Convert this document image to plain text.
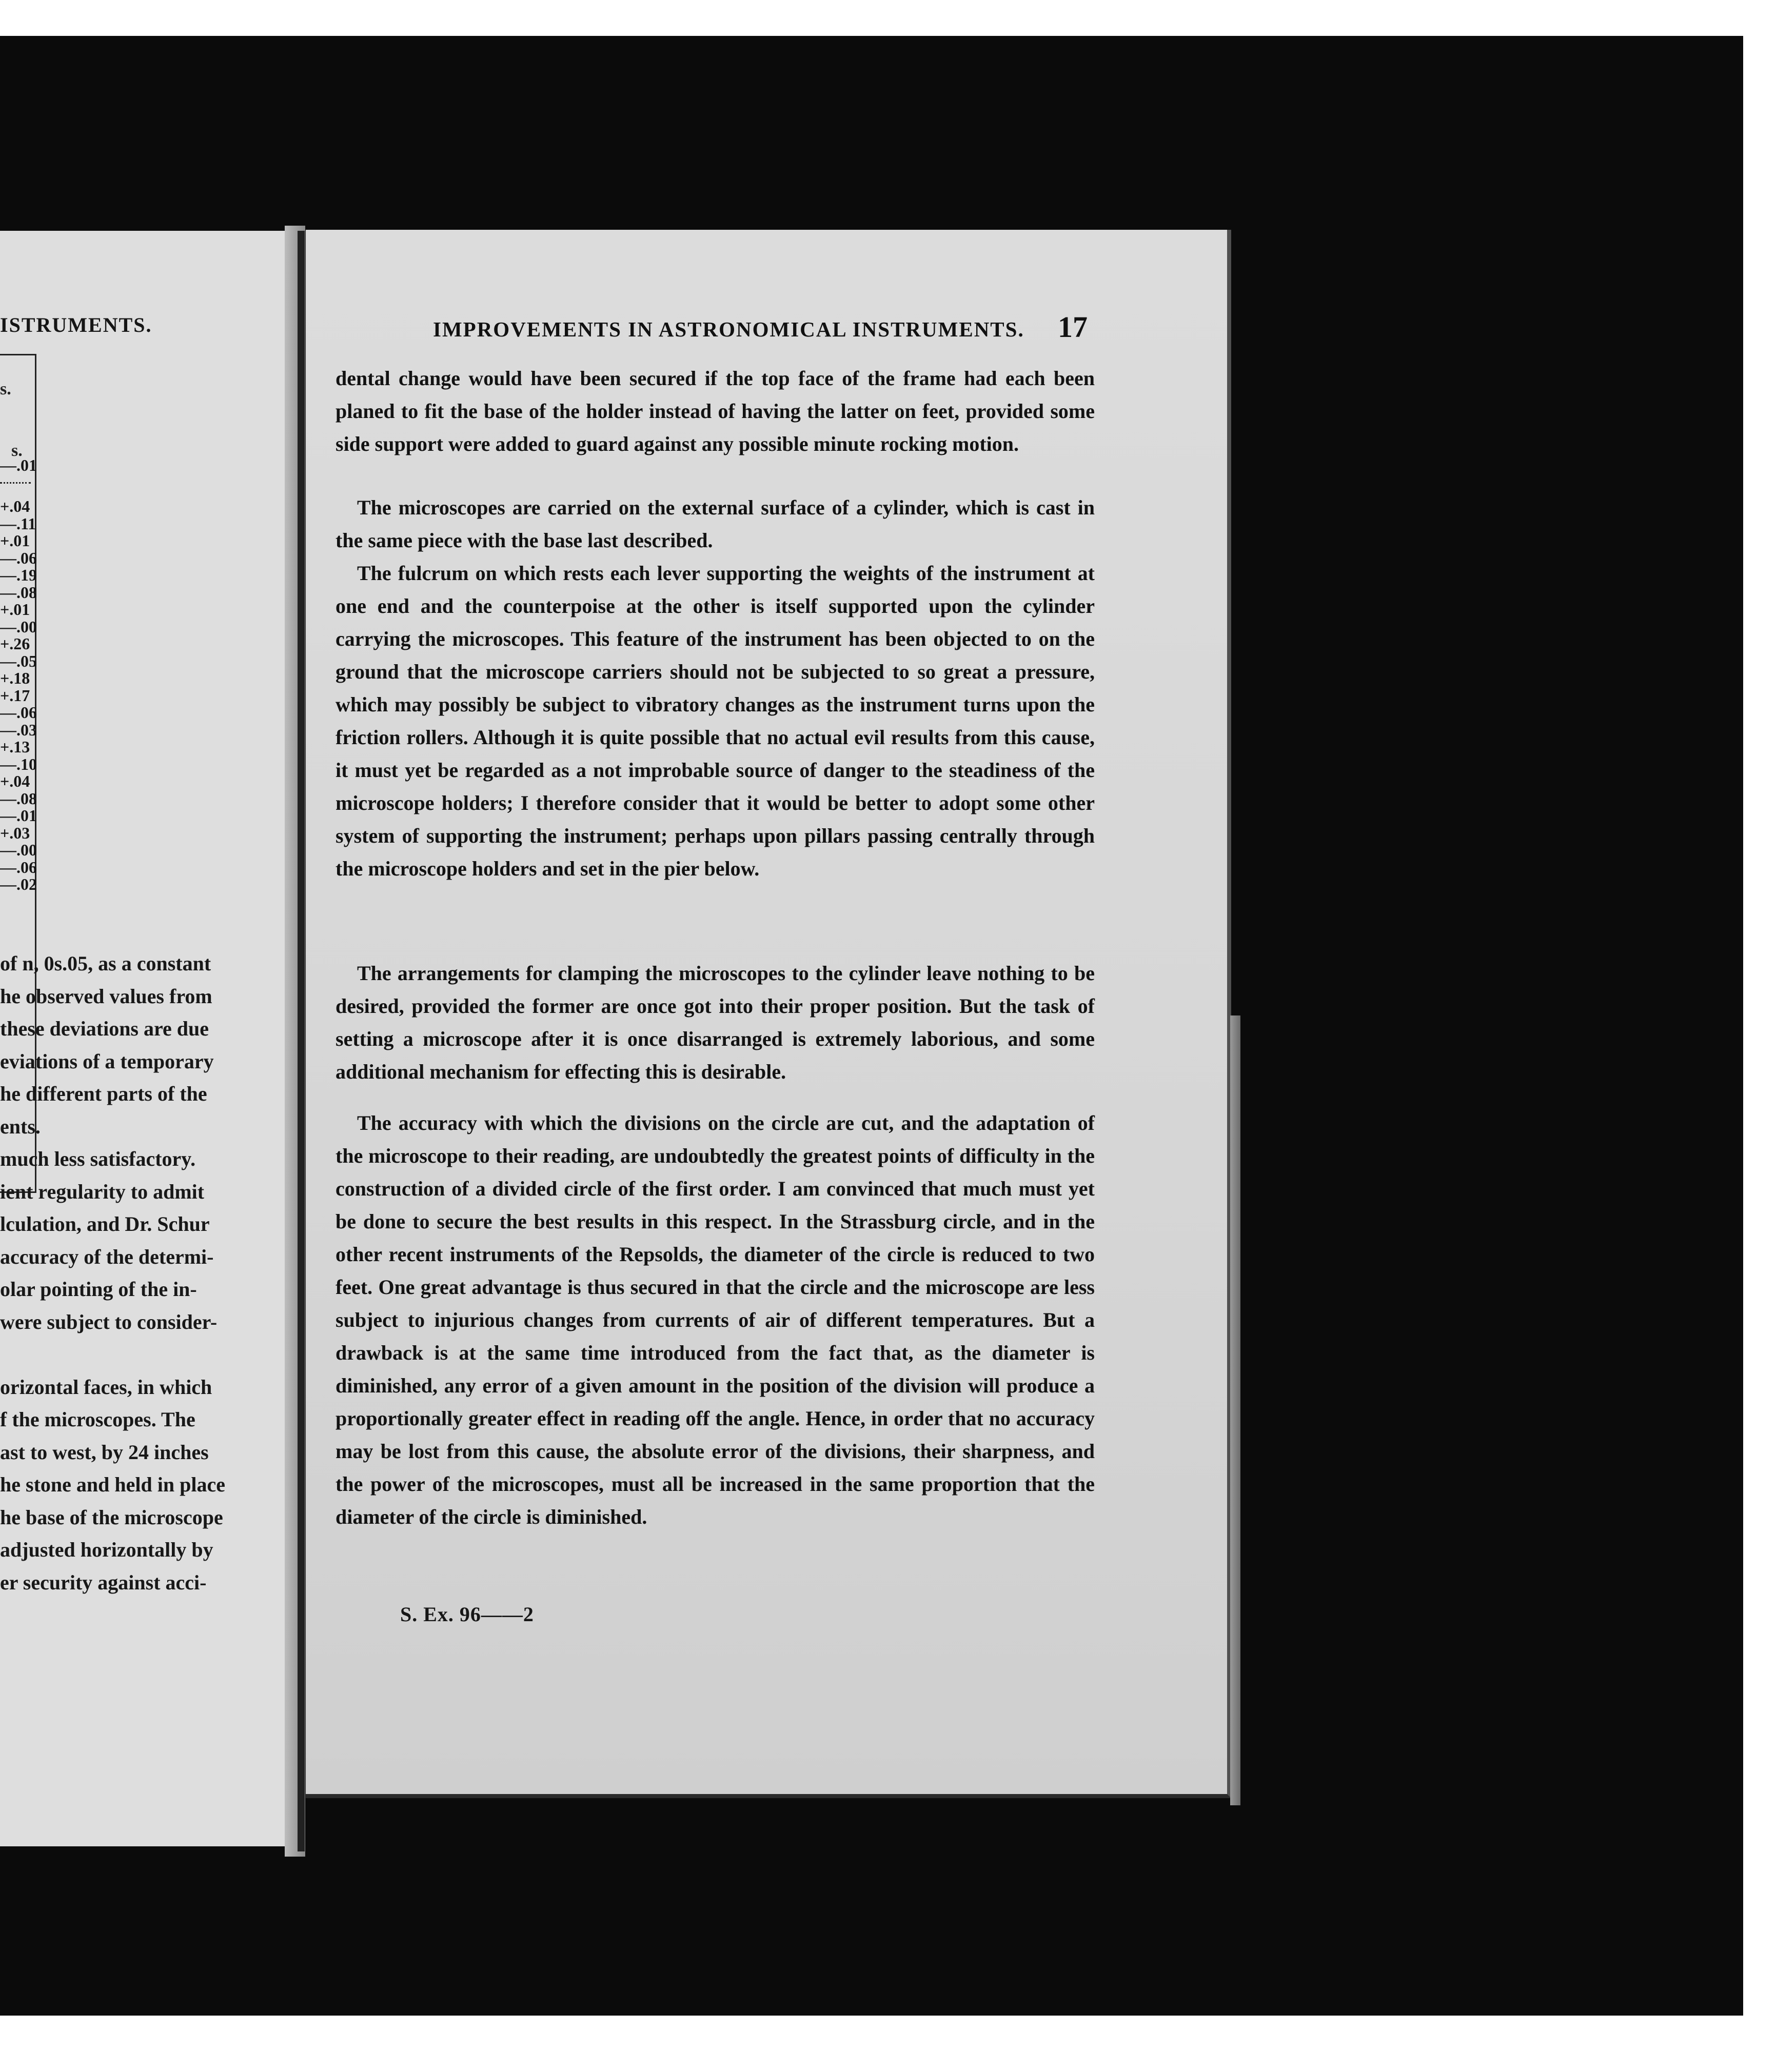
ISTRUMENTS.
s.
s.
—.01
+.04
—.11
+.01
—.06
—.19
—.08
+.01
—.00
+.26
—.05
+.18
+.17
—.06
—.03
+.13
—.10
+.04
—.08
—.01
+.03
—.00
—.06
—.02
of n, 0s.05, as a constant
he observed values from
these deviations are due
eviations of a temporary
he different parts of the
ents.
much less satisfactory.
ient regularity to admit
lculation, and Dr. Schur
accuracy of the determi-
olar pointing of the in-
were subject to consider-
orizontal faces, in which
f the microscopes. The
ast to west, by 24 inches
he stone and held in place
he base of the microscope
adjusted horizontally by
er security against acci-
IMPROVEMENTS IN ASTRONOMICAL INSTRUMENTS. 17
dental change would have been secured if the top face of the frame had each been planed to fit the base of the holder instead of having the latter on feet, provided some side support were added to guard against any possible minute rocking motion.
The microscopes are carried on the external surface of a cylinder, which is cast in the same piece with the base last described.
The fulcrum on which rests each lever supporting the weights of the instrument at one end and the counterpoise at the other is itself supported upon the cylinder carrying the microscopes. This feature of the instrument has been objected to on the ground that the microscope carriers should not be subjected to so great a pressure, which may possibly be subject to vibratory changes as the instrument turns upon the friction rollers. Although it is quite possible that no actual evil results from this cause, it must yet be regarded as a not improbable source of danger to the steadiness of the microscope holders; I therefore consider that it would be better to adopt some other system of supporting the instrument; perhaps upon pillars passing centrally through the microscope holders and set in the pier below.
The arrangements for clamping the microscopes to the cylinder leave nothing to be desired, provided the former are once got into their proper position. But the task of setting a microscope after it is once disarranged is extremely laborious, and some additional mechanism for effecting this is desirable.
The accuracy with which the divisions on the circle are cut, and the adaptation of the microscope to their reading, are undoubtedly the greatest points of difficulty in the construction of a divided circle of the first order. I am convinced that much must yet be done to secure the best results in this respect. In the Strassburg circle, and in the other recent instruments of the Repsolds, the diameter of the circle is reduced to two feet. One great advantage is thus secured in that the circle and the microscope are less subject to injurious changes from currents of air of different temperatures. But a drawback is at the same time introduced from the fact that, as the diameter is diminished, any error of a given amount in the position of the division will produce a proportionally greater effect in reading off the angle. Hence, in order that no accuracy may be lost from this cause, the absolute error of the divisions, their sharpness, and the power of the microscopes, must all be increased in the same proportion that the diameter of the circle is diminished.
S. Ex. 96——2
